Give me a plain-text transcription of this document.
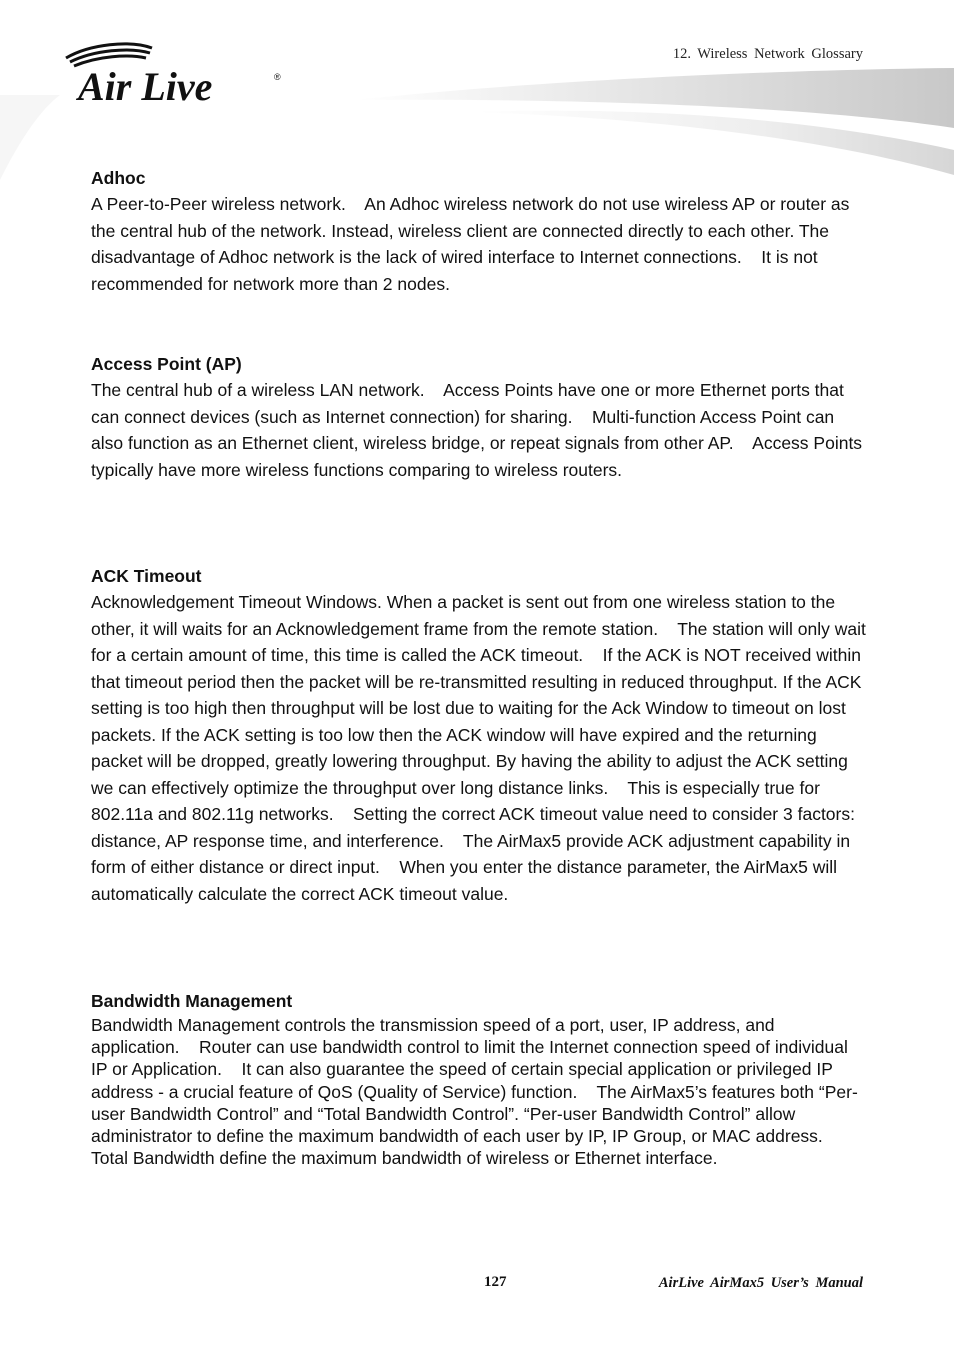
Air Live	®
12. Wireless Network Glossary
Adhoc

A Peer-to-Peer wireless network.    An Adhoc wireless network do not use wireless AP or router as the central hub of the network. Instead, wireless client are connected directly to each other. The disadvantage of Adhoc network is the lack of wired interface to Internet connections.    It is not recommended for network more than 2 nodes.

Access Point (AP)

The central hub of a wireless LAN network.    Access Points have one or more Ethernet ports that can connect devices (such as Internet connection) for sharing.    Multi-function Access Point can also function as an Ethernet client, wireless bridge, or repeat signals from other AP.    Access Points typically have more wireless functions comparing to wireless routers.

ACK Timeout

Acknowledgement Timeout Windows. When a packet is sent out from one wireless station to the other, it will waits for an Acknowledgement frame from the remote station.    The station will only wait for a certain amount of time, this time is called the ACK timeout.    If the ACK is NOT received within that timeout period then the packet will be re-transmitted resulting in reduced throughput. If the ACK setting is too high then throughput will be lost due to waiting for the Ack Window to timeout on lost packets. If the ACK setting is too low then the ACK window will have expired and the returning packet will be dropped, greatly lowering throughput. By having the ability to adjust the ACK setting we can effectively optimize the throughput over long distance links.    This is especially true for 802.11a and 802.11g networks.    Setting the correct ACK timeout value need to consider 3 factors: distance, AP response time, and interference.    The AirMax5 provide ACK adjustment capability in form of either distance or direct input.    When you enter the distance parameter, the AirMax5 will automatically calculate the correct ACK timeout value.

Bandwidth Management

Bandwidth Management controls the transmission speed of a port, user, IP address, and application.    Router can use bandwidth control to limit the Internet connection speed of individual IP or Application.    It can also guarantee the speed of certain special application or privileged IP address - a crucial feature of QoS (Quality of Service) function.    The AirMax5’s features both “Per-user Bandwidth Control” and “Total Bandwidth Control”. “Per-user Bandwidth Control” allow administrator to define the maximum bandwidth of each user by IP, IP Group, or MAC address.    Total Bandwidth define the maximum bandwidth of wireless or Ethernet interface.

127	AirLive AirMax5 User’s Manual
